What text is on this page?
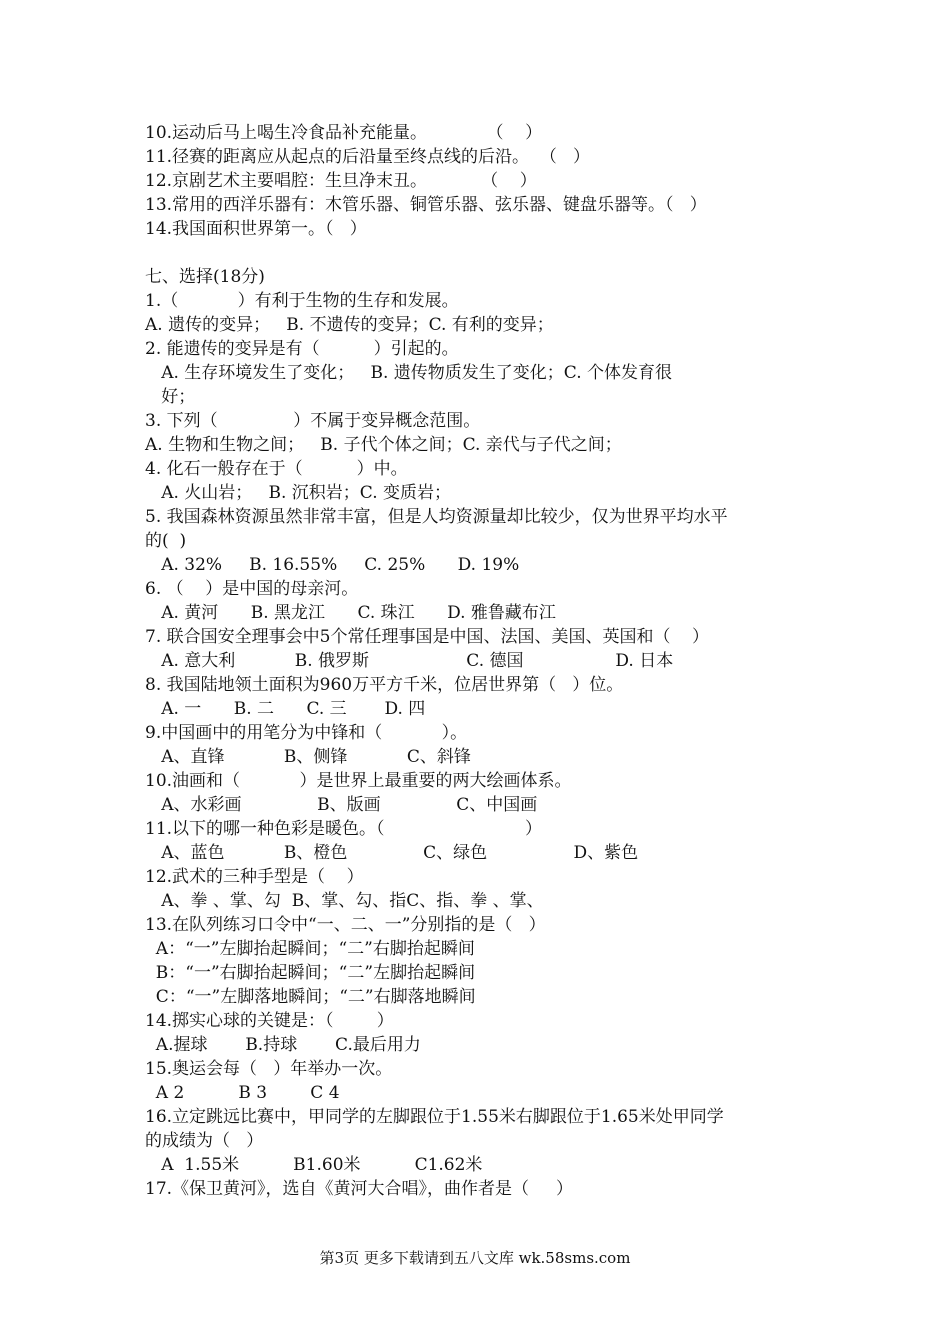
10.运动后马上喝生冷食品补充能量。           （    ）
11.径赛的距离应从起点的后沿量至终点线的后沿。  （   ）
12.京剧艺术主要唱腔：生旦净末丑。          （    ）
13.常用的西洋乐器有：木管乐器、铜管乐器、弦乐器、键盘乐器等。（   ）
14.我国面积世界第一。（   ）
七、选择(18分)
1.（           ）有利于生物的生存和发展。
A. 遗传的变异；   B. 不遗传的变异；C. 有利的变异；
2. 能遗传的变异是有（          ）引起的。
A. 生存环境发生了变化；   B. 遗传物质发生了变化；C. 个体发育很
好；
3. 下列（              ）不属于变异概念范围。
A. 生物和生物之间；   B. 子代个体之间；C. 亲代与子代之间；
4. 化石一般存在于（          ）中。
A. 火山岩；   B. 沉积岩；C. 变质岩；
5. 我国森林资源虽然非常丰富，但是人均资源量却比较少，仅为世界平均水平
的(  )
A. 32%     B. 16.55%     C. 25%      D. 19%
6. （    ）是中国的母亲河。
A. 黄河      B. 黑龙江      C. 珠江      D. 雅鲁藏布江
7. 联合国安全理事会中5个常任理事国是中国、法国、美国、英国和（    ）
A. 意大利           B. 俄罗斯                  C. 德国                 D. 日本
8. 我国陆地领土面积为960万平方千米，位居世界第（   ）位。
A. 一      B. 二      C. 三       D. 四
9.中国画中的用笔分为中锋和（           ）。
A、直锋           B、侧锋           C、斜锋
10.油画和（           ）是世界上最重要的两大绘画体系。
A、水彩画              B、版画              C、中国画
11.以下的哪一种色彩是暖色。（                          ）
A、蓝色           B、橙色              C、绿色                D、紫色
12.武术的三种手型是（    ）
A、拳 、掌、勾  B、掌、勾、指C、指、拳 、掌、
13.在队列练习口令中“一、二、一”分别指的是（   ）
A：“一”左脚抬起瞬间；“二”右脚抬起瞬间
B：“一”右脚抬起瞬间；“二”左脚抬起瞬间
C：“一”左脚落地瞬间；“二”右脚落地瞬间
14.掷实心球的关键是：（        ）
A.握球       B.持球       C.最后用力
15.奥运会每（   ）年举办一次。
A 2          B 3        C 4
16.立定跳远比赛中，甲同学的左脚跟位于1.55米右脚跟位于1.65米处甲同学
的成绩为（   ）
A  1.55米          B1.60米          C1.62米
17.《保卫黄河》，选自《黄河大合唱》，曲作者是（     ）
第3页 更多下载请到五八文库 wk.58sms.com
